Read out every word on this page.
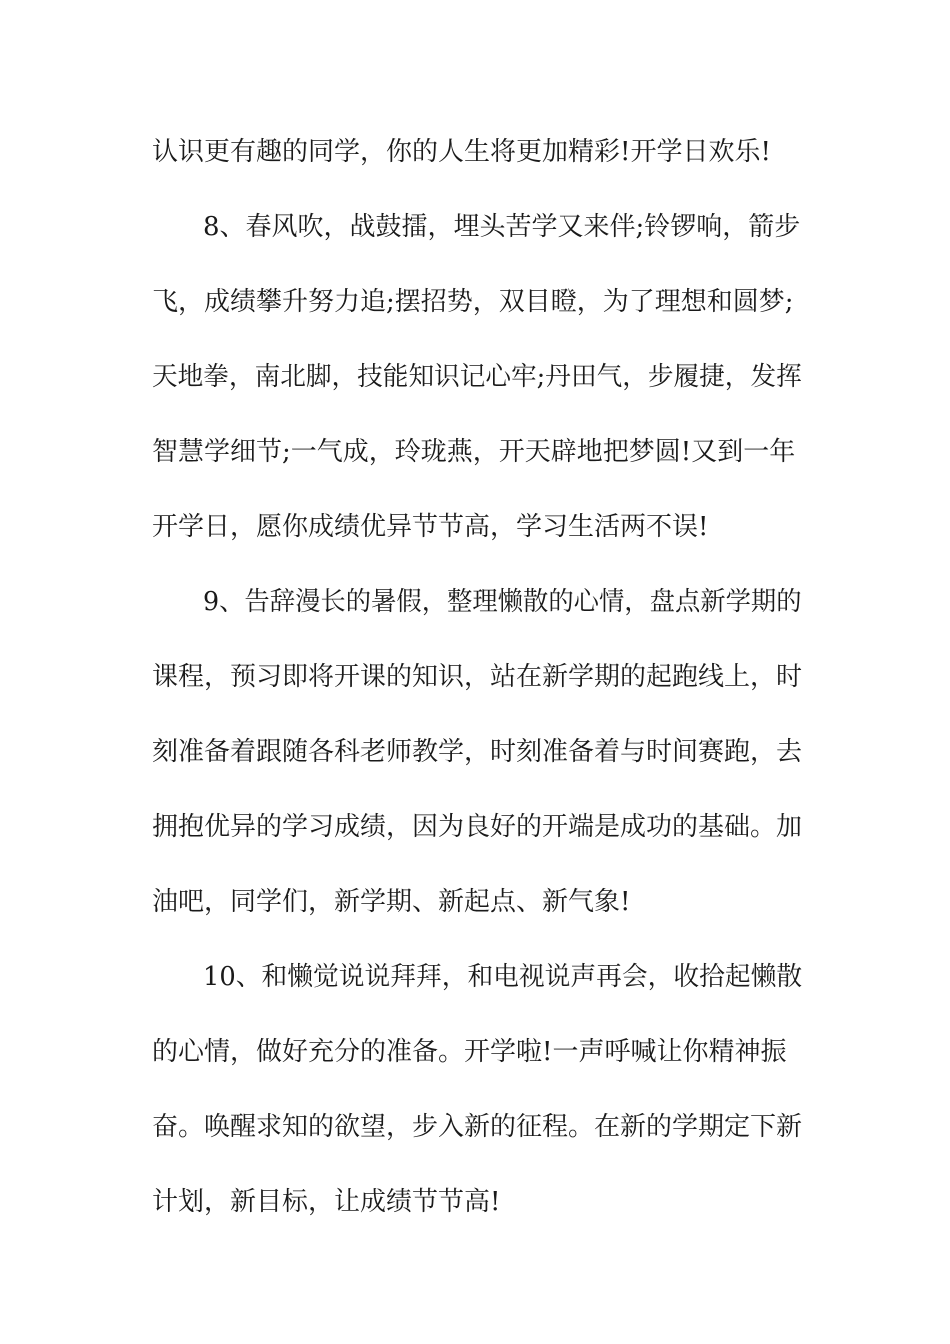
认识更有趣的同学，你的人生将更加精彩!开学日欢乐!
8、春风吹，战鼓擂，埋头苦学又来伴;铃锣响，箭步
飞，成绩攀升努力追;摆招势，双目瞪，为了理想和圆梦;
天地拳，南北脚，技能知识记心牢;丹田气，步履捷，发挥
智慧学细节;一气成，玲珑燕，开天辟地把梦圆!又到一年
开学日，愿你成绩优异节节高，学习生活两不误!
9、告辞漫长的暑假，整理懒散的心情，盘点新学期的
课程，预习即将开课的知识，站在新学期的起跑线上，时
刻准备着跟随各科老师教学，时刻准备着与时间赛跑，去
拥抱优异的学习成绩，因为良好的开端是成功的基础。加
油吧，同学们，新学期、新起点、新气象!
10、和懒觉说说拜拜，和电视说声再会，收拾起懒散
的心情，做好充分的准备。开学啦!一声呼喊让你精神振
奋。唤醒求知的欲望，步入新的征程。在新的学期定下新
计划，新目标，让成绩节节高!
